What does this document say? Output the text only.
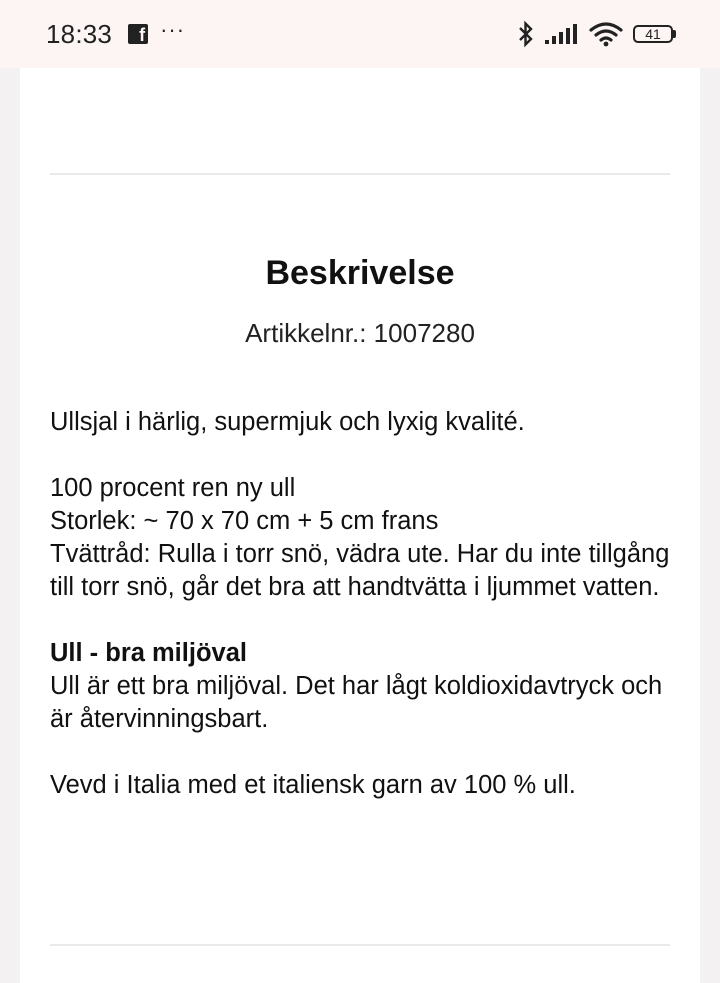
18:33 f ···	41
Beskrivelse
Artikkelnr.: 1007280

Ullsjal i härlig, supermjuk och lyxig kvalité.

100 procent ren ny ull

Storlek: ~ 70 x 70 cm + 5 cm frans

Tvättråd: Rulla i torr snö, vädra ute. Har du inte tillgång till torr snö, går det bra att handtvätta i ljummet vatten.

Ull - bra miljöval

Ull är ett bra miljöval. Det har lågt koldioxidavtryck och är återvinningsbart.

Vevd i Italia med et italiensk garn av 100 % ull.
